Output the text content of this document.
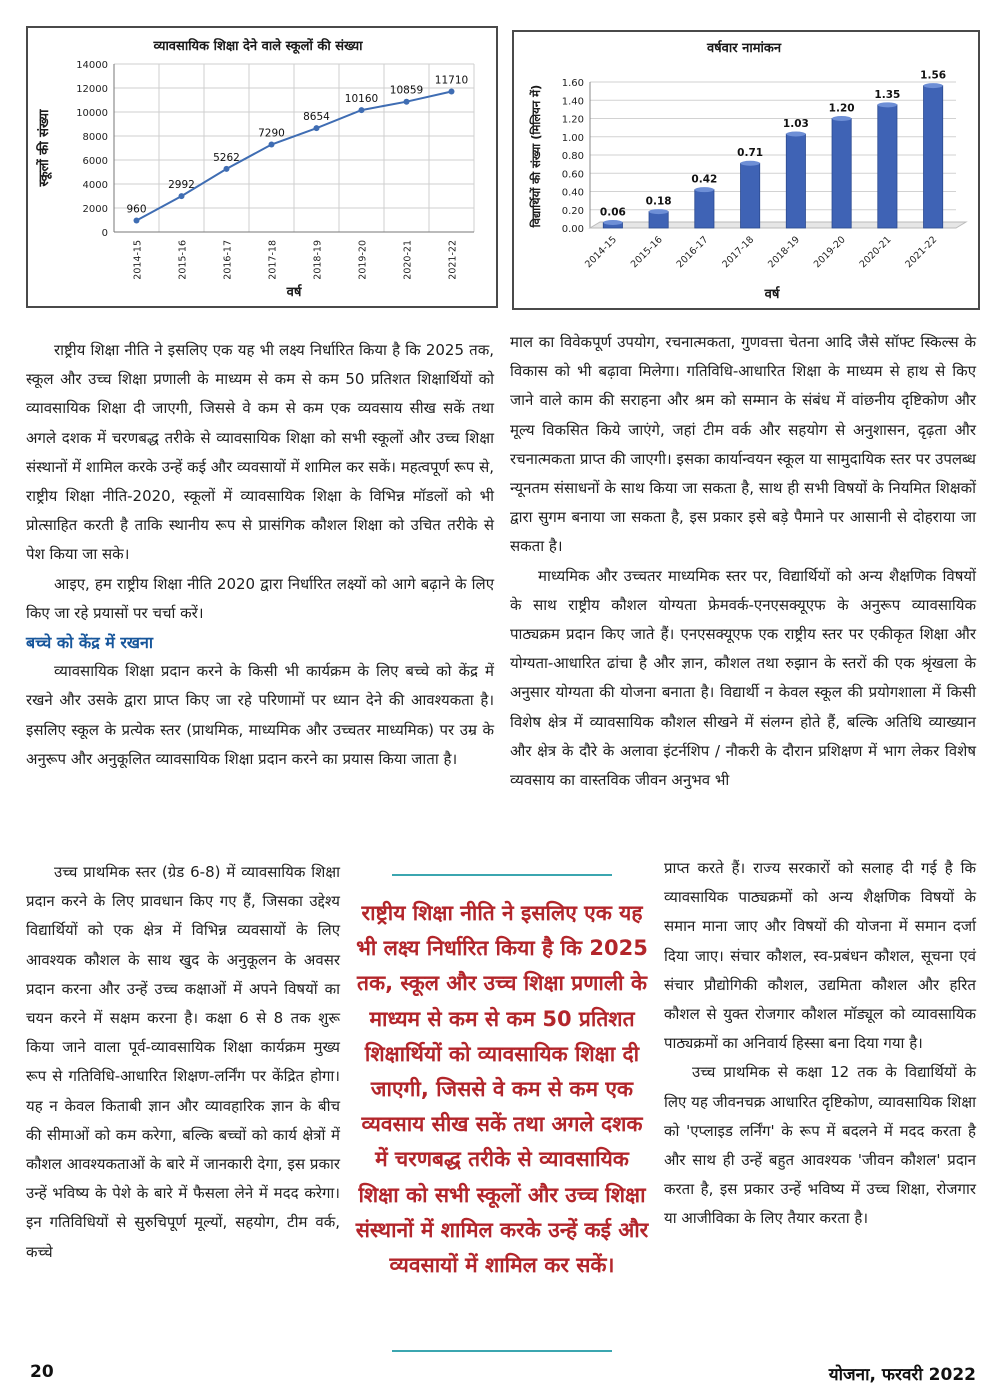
व्यावसायिक शिक्षा देने वाले स्कूलों की संख्या
0
2000
4000
6000
8000
10000
12000
14000
960
2992
5262
7290
8654
10160
10859
11710
2014-15	2015-16	2016-17	2017-18	2018-19	2019-20	2020-21	2021-22
वर्ष
स्कूलों की संख्या
वर्षवार नामांकन
0.00
0.20
0.40
0.60
0.80
1.00
1.20
1.40
1.60
0.06
2014-15
0.18
2015-16
0.42
2016-17
0.71
2017-18
1.03
2018-19
1.20
2019-20
1.35
2020-21
1.56
2021-22
वर्ष
विद्यार्थियों की संख्या (मिलियन में)

राष्ट्रीय शिक्षा नीति ने इसलिए एक यह भी लक्ष्य निर्धारित किया है कि 2025 तक, स्कूल और उच्च शिक्षा प्रणाली के माध्यम से कम से कम 50 प्रतिशत शिक्षार्थियों को व्यावसायिक शिक्षा दी जाएगी, जिससे वे कम से कम एक व्यवसाय सीख सकें तथा अगले दशक में चरणबद्ध तरीके से व्यावसायिक शिक्षा को सभी स्कूलों और उच्च शिक्षा संस्थानों में शामिल करके उन्हें कई और व्यवसायों में शामिल कर सकें। महत्वपूर्ण रूप से, राष्ट्रीय शिक्षा नीति-2020, स्कूलों में व्यावसायिक शिक्षा के विभिन्न मॉडलों को भी प्रोत्साहित करती है ताकि स्थानीय रूप से प्रासंगिक कौशल शिक्षा को उचित तरीके से पेश किया जा सके।

आइए, हम राष्ट्रीय शिक्षा नीति 2020 द्वारा निर्धारित लक्ष्यों को आगे बढ़ाने के लिए किए जा रहे प्रयासों पर चर्चा करें।

बच्चे को केंद्र में रखना

व्यावसायिक शिक्षा प्रदान करने के किसी भी कार्यक्रम के लिए बच्चे को केंद्र में रखने और उसके द्वारा प्राप्त किए जा रहे परिणामों पर ध्यान देने की आवश्यकता है। इसलिए स्कूल के प्रत्येक स्तर (प्राथमिक, माध्यमिक और उच्चतर माध्यमिक) पर उम्र के अनुरूप और अनुकूलित व्यावसायिक शिक्षा प्रदान करने का प्रयास किया जाता है।

माल का विवेकपूर्ण उपयोग, रचनात्मकता, गुणवत्ता चेतना आदि जैसे सॉफ्ट स्किल्स के विकास को भी बढ़ावा मिलेगा। गतिविधि-आधारित शिक्षा के माध्यम से हाथ से किए जाने वाले काम की सराहना और श्रम को सम्मान के संबंध में वांछनीय दृष्टिकोण और मूल्य विकसित किये जाएंगे, जहां टीम वर्क और सहयोग से अनुशासन, दृढ़ता और रचनात्मकता प्राप्त की जाएगी। इसका कार्यान्वयन स्कूल या सामुदायिक स्तर पर उपलब्ध न्यूनतम संसाधनों के साथ किया जा सकता है, साथ ही सभी विषयों के नियमित शिक्षकों द्वारा सुगम बनाया जा सकता है, इस प्रकार इसे बड़े पैमाने पर आसानी से दोहराया जा सकता है।

माध्यमिक और उच्चतर माध्यमिक स्तर पर, विद्यार्थियों को अन्य शैक्षणिक विषयों के साथ राष्ट्रीय कौशल योग्यता फ्रेमवर्क-एनएसक्यूएफ के अनुरूप व्यावसायिक पाठ्यक्रम प्रदान किए जाते हैं। एनएसक्यूएफ एक राष्ट्रीय स्तर पर एकीकृत शिक्षा और योग्यता-आधारित ढांचा है और ज्ञान, कौशल तथा रुझान के स्तरों की एक श्रृंखला के अनुसार योग्यता की योजना बनाता है। विद्यार्थी न केवल स्कूल की प्रयोगशाला में किसी विशेष क्षेत्र में व्यावसायिक कौशल सीखने में संलग्न होते हैं, बल्कि अतिथि व्याख्यान और क्षेत्र के दौरे के अलावा इंटर्नशिप / नौकरी के दौरान प्रशिक्षण में भाग लेकर विशेष व्यवसाय का वास्तविक जीवन अनुभव भी

उच्च प्राथमिक स्तर (ग्रेड 6-8) में व्यावसायिक शिक्षा प्रदान करने के लिए प्रावधान किए गए हैं, जिसका उद्देश्य विद्यार्थियों को एक क्षेत्र में विभिन्न व्यवसायों के लिए आवश्यक कौशल के साथ खुद के अनुकूलन के अवसर प्रदान करना और उन्हें उच्च कक्षाओं में अपने विषयों का चयन करने में सक्षम करना है। कक्षा 6 से 8 तक शुरू किया जाने वाला पूर्व-व्यावसायिक शिक्षा कार्यक्रम मुख्य रूप से गतिविधि-आधारित शिक्षण-लर्निंग पर केंद्रित होगा। यह न केवल किताबी ज्ञान और व्यावहारिक ज्ञान के बीच की सीमाओं को कम करेगा, बल्कि बच्चों को कार्य क्षेत्रों में कौशल आवश्यकताओं के बारे में जानकारी देगा, इस प्रकार उन्हें भविष्य के पेशे के बारे में फैसला लेने में मदद करेगा। इन गतिविधियों से सुरुचिपूर्ण मूल्यों, सहयोग, टीम वर्क, कच्चे

राष्ट्रीय शिक्षा नीति ने इसलिए एक यह भी लक्ष्य निर्धारित किया है कि 2025 तक, स्कूल और उच्च शिक्षा प्रणाली के माध्यम से कम से कम 50 प्रतिशत शिक्षार्थियों को व्यावसायिक शिक्षा दी जाएगी, जिससे वे कम से कम एक व्यवसाय सीख सकें तथा अगले दशक में चरणबद्ध तरीके से व्यावसायिक शिक्षा को सभी स्कूलों और उच्च शिक्षा संस्थानों में शामिल करके उन्हें कई और व्यवसायों में शामिल कर सकें।

प्राप्त करते हैं। राज्य सरकारों को सलाह दी गई है कि व्यावसायिक पाठ्यक्रमों को अन्य शैक्षणिक विषयों के समान माना जाए और विषयों की योजना में समान दर्जा दिया जाए। संचार कौशल, स्व-प्रबंधन कौशल, सूचना एवं संचार प्रौद्योगिकी कौशल, उद्यमिता कौशल और हरित कौशल से युक्त रोजगार कौशल मॉड्यूल को व्यावसायिक पाठ्यक्रमों का अनिवार्य हिस्सा बना दिया गया है।

उच्च प्राथमिक से कक्षा 12 तक के विद्यार्थियों के लिए यह जीवनचक्र आधारित दृष्टिकोण, व्यावसायिक शिक्षा को 'एप्लाइड लर्निंग' के रूप में बदलने में मदद करता है और साथ ही उन्हें बहुत आवश्यक 'जीवन कौशल' प्रदान करता है, इस प्रकार उन्हें भविष्य में उच्च शिक्षा, रोजगार या आजीविका के लिए तैयार करता है।

20	योजना, फरवरी 2022
